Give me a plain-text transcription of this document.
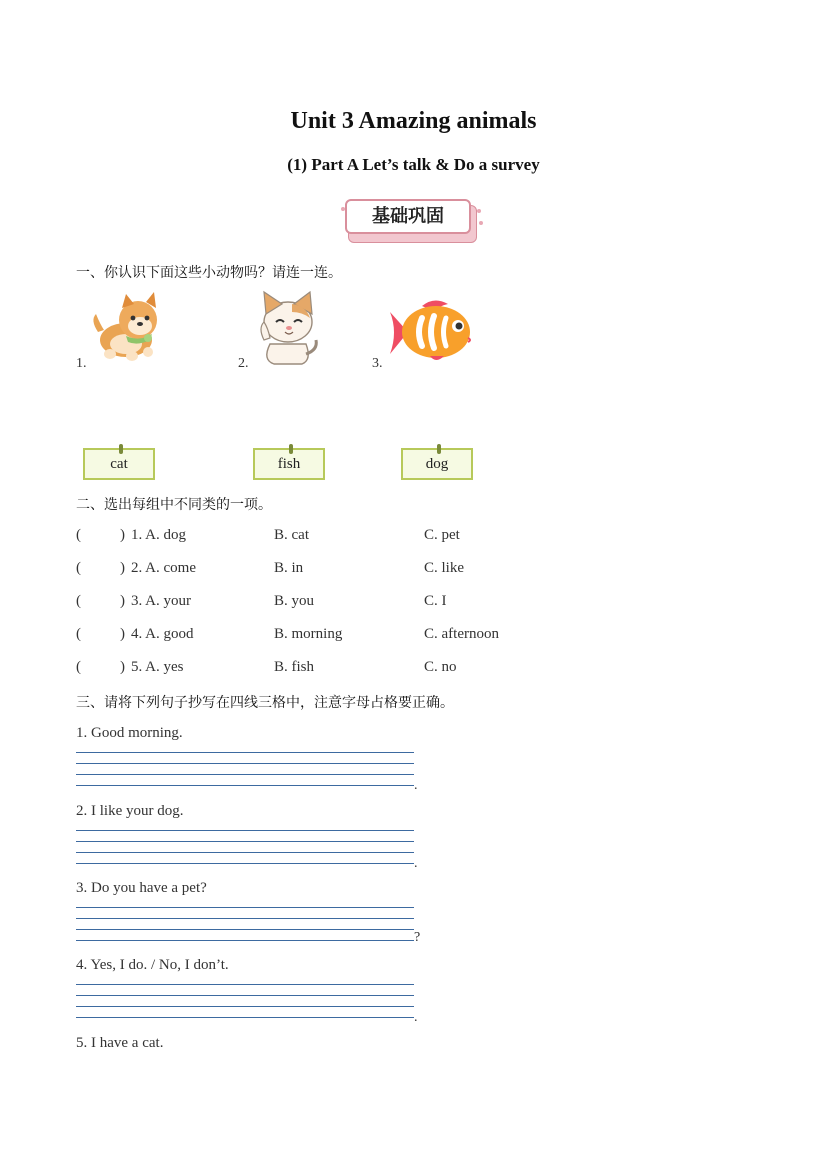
Unit 3 Amazing animals
(1) Part A Let’s talk & Do a survey
基础巩固
一、你认识下面这些小动物吗？请连一连。
1.	2.	3.
cat	fish	dog
二、选出每组中不同类的一项。
(	) 1. A. dog	B. cat	C. pet
(	) 2. A. come	B. in	C. like
(	) 3. A. your	B. you	C. I
(	) 4. A. good	B. morning	C. afternoon
(	) 5. A. yes	B. fish	C. no
三、请将下列句子抄写在四线三格中，注意字母占格要正确。
1. Good morning.
.
2. I like your dog.
.
3. Do you have a pet?
?
4. Yes, I do. / No, I don’t.
.
5. I have a cat.
